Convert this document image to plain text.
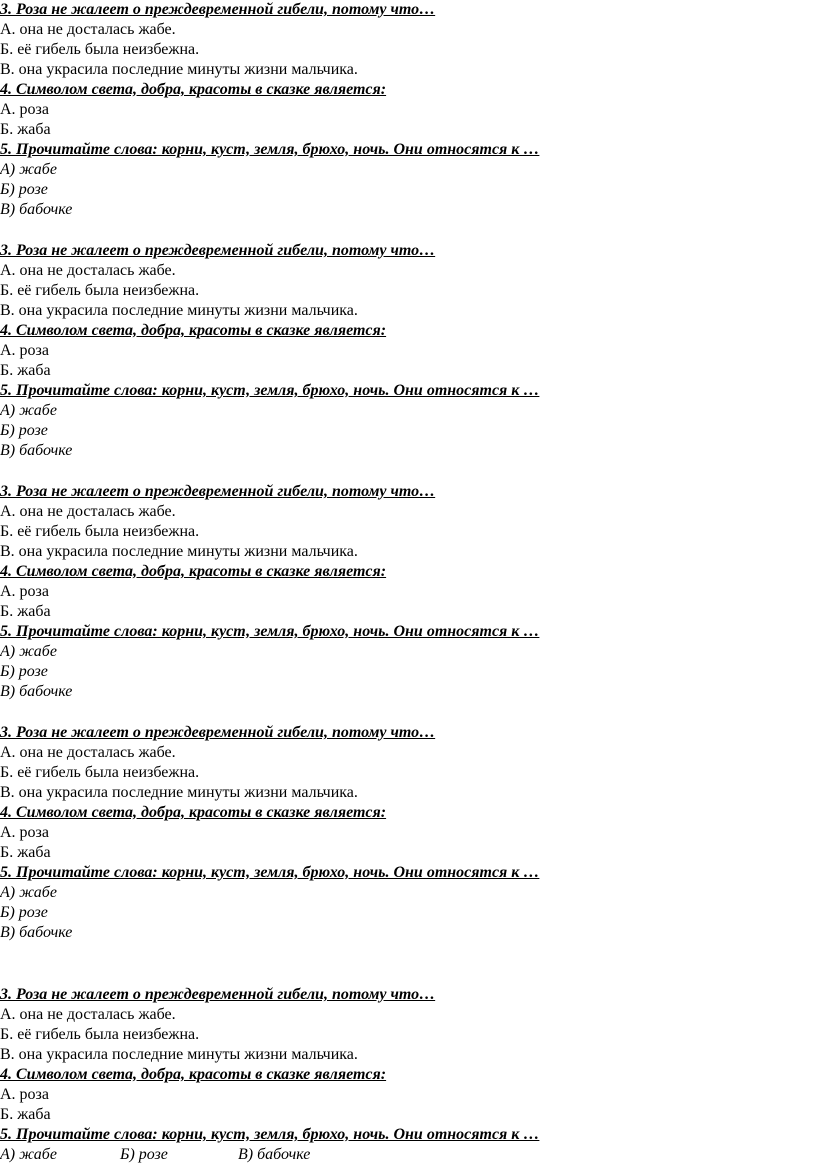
3. Роза не жалеет о преждевременной гибели, потому что…
А. она не досталась жабе.
Б. её гибель была неизбежна.
В. она украсила последние минуты жизни мальчика.
4. Символом света, добра, красоты в сказке является:
А. роза
Б. жаба
5. Прочитайте слова: корни, куст, земля, брюхо, ночь. Они относятся к …
А) жабе
Б) розе
В) бабочке
3. Роза не жалеет о преждевременной гибели, потому что…
А. она не досталась жабе.
Б. её гибель была неизбежна.
В. она украсила последние минуты жизни мальчика.
4. Символом света, добра, красоты в сказке является:
А. роза
Б. жаба
5. Прочитайте слова: корни, куст, земля, брюхо, ночь. Они относятся к …
А) жабе
Б) розе
В) бабочке
3. Роза не жалеет о преждевременной гибели, потому что…
А. она не досталась жабе.
Б. её гибель была неизбежна.
В. она украсила последние минуты жизни мальчика.
4. Символом света, добра, красоты в сказке является:
А. роза
Б. жаба
5. Прочитайте слова: корни, куст, земля, брюхо, ночь. Они относятся к …
А) жабе
Б) розе
В) бабочке
3. Роза не жалеет о преждевременной гибели, потому что…
А. она не досталась жабе.
Б. её гибель была неизбежна.
В. она украсила последние минуты жизни мальчика.
4. Символом света, добра, красоты в сказке является:
А. роза
Б. жаба
5. Прочитайте слова: корни, куст, земля, брюхо, ночь. Они относятся к …
А) жабе
Б) розе
В) бабочке
3. Роза не жалеет о преждевременной гибели, потому что…
А. она не досталась жабе.
Б. её гибель была неизбежна.
В. она украсила последние минуты жизни мальчика.
4. Символом света, добра, красоты в сказке является:
А. роза
Б. жаба
5. Прочитайте слова: корни, куст, земля, брюхо, ночь. Они относятся к …
А) жабе	Б) розе	В) бабочке
